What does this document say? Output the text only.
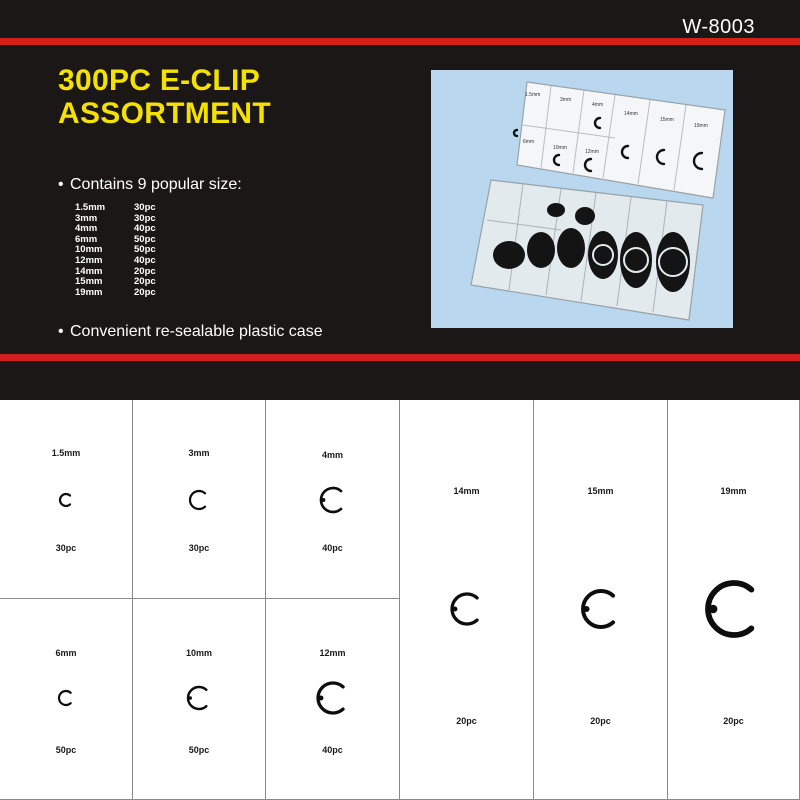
W-8003
300PC E-CLIP
ASSORTMENT
• Contains 9 popular size:
1.5mm	30pc
3mm	30pc
4mm	40pc
6mm	50pc
10mm	50pc
12mm	40pc
14mm	20pc
15mm	20pc
19mm	20pc
• Convenient re-sealable plastic case
1.5mm
3mm
4mm
14mm
15mm
19mm
6mm
10mm
12mm
1.5mm
30pc
3mm
30pc
4mm
40pc
14mm
20pc
15mm
20pc
19mm
20pc
6mm
50pc
10mm
50pc
12mm
40pc
